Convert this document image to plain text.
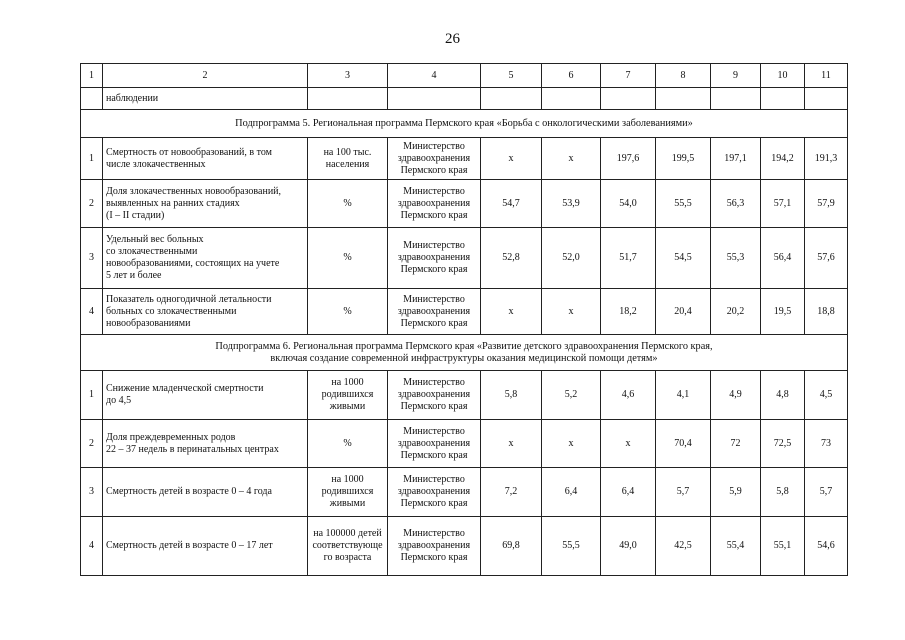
26
1	2	3	4	5	6	7	8	9	10	11
	наблюдении									
Подпрограмма 5. Региональная программа Пермского края «Борьба с онкологическими заболеваниями»										
1	Смертность от новообразований, в том
числе злокачественных	на 100 тыс.
населения	Министерство
здравоохранения
Пермского края	х	х	197,6	199,5	197,1	194,2	191,3
2	Доля злокачественных новообразований,
выявленных на ранних стадиях
(I – II стадии)	%	Министерство
здравоохранения
Пермского края	54,7	53,9	54,0	55,5	56,3	57,1	57,9
3	Удельный вес больных
со злокачественными
новообразованиями, состоящих на учете
5 лет и более	%	Министерство
здравоохранения
Пермского края	52,8	52,0	51,7	54,5	55,3	56,4	57,6
4	Показатель одногодичной летальности
больных со злокачественными
новообразованиями	%	Министерство
здравоохранения
Пермского края	х	х	18,2	20,4	20,2	19,5	18,8
Подпрограмма 6. Региональная программа Пермского края «Развитие детского здравоохранения Пермского края,
включая создание современной инфраструктуры оказания медицинской помощи детям»										
1	Снижение младенческой смертности
до 4,5	на 1000
родившихся
живыми	Министерство
здравоохранения
Пермского края	5,8	5,2	4,6	4,1	4,9	4,8	4,5
2	Доля преждевременных родов
22 – 37 недель в перинатальных центрах	%	Министерство
здравоохранения
Пермского края	х	х	х	70,4	72	72,5	73
3	Смертность детей в возрасте 0 – 4 года	на 1000
родившихся
живыми	Министерство
здравоохранения
Пермского края	7,2	6,4	6,4	5,7	5,9	5,8	5,7
4	Смертность детей в возрасте 0 – 17 лет	на 100000 детей
соответствующе
го возраста	Министерство
здравоохранения
Пермского края	69,8	55,5	49,0	42,5	55,4	55,1	54,6
